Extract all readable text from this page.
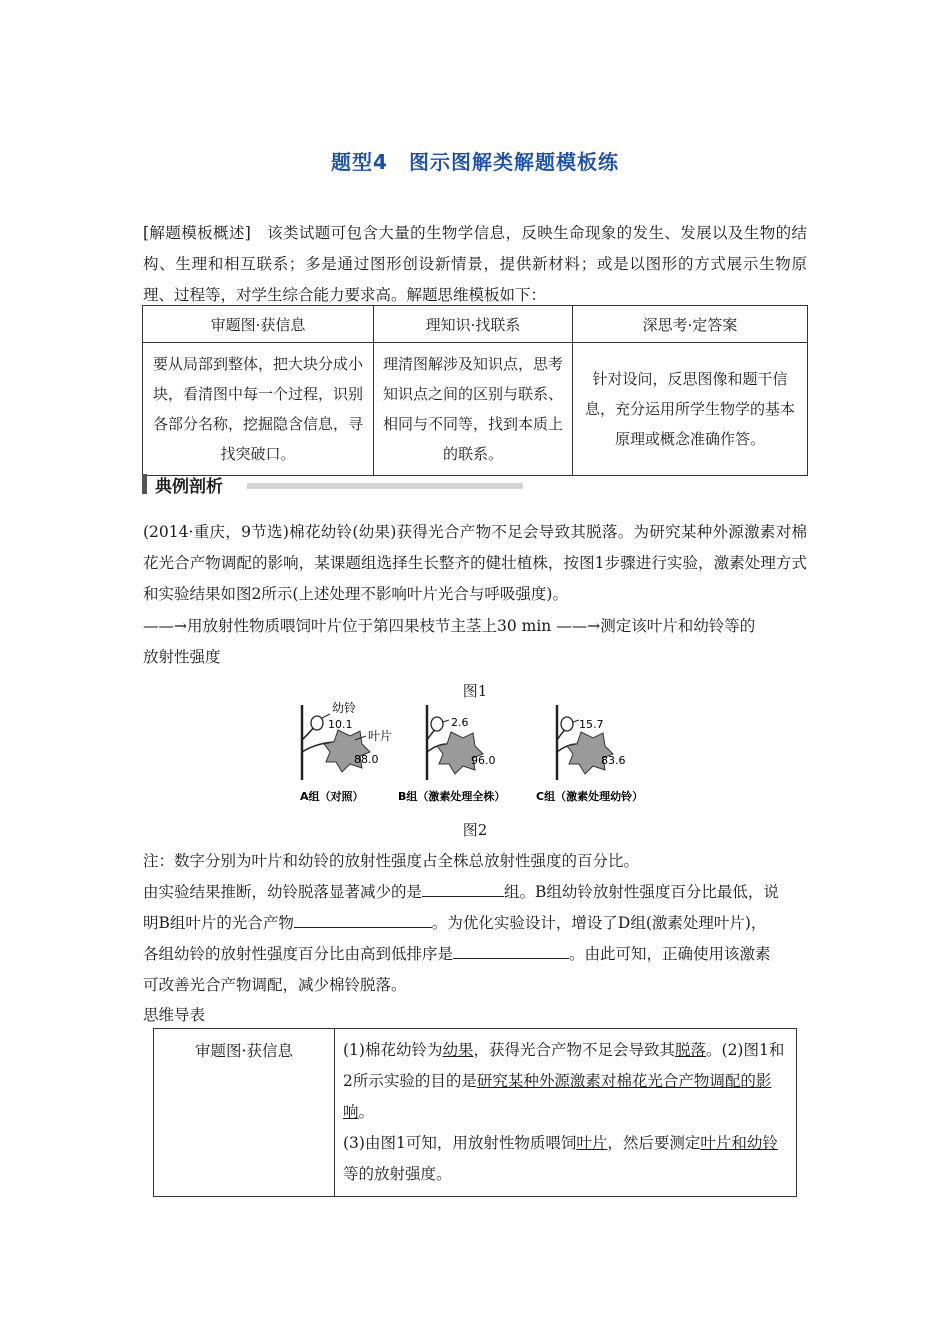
题型4　图示图解类解题模板练
[解题模板概述]　该类试题可包含大量的生物学信息，反映生命现象的发生、发展以及生物的结构、生理和相互联系；多是通过图形创设新情景，提供新材料；或是以图形的方式展示生物原理、过程等，对学生综合能力要求高。解题思维模板如下：
审题图·获信息	理知识·找联系	深思考·定答案
要从局部到整体，把大块分成小块，看清图中每一个过程，识别各部分名称，挖掘隐含信息，寻找突破口。	理清图解涉及知识点，思考知识点之间的区别与联系、相同与不同等，找到本质上的联系。	针对设问，反思图像和题干信息，充分运用所学生物学的基本原理或概念准确作答。
典例剖析
(2014·重庆，9节选)棉花幼铃(幼果)获得光合产物不足会导致其脱落。为研究某种外源激素对棉花光合产物调配的影响，某课题组选择生长整齐的健壮植株，按图1步骤进行实验，激素处理方式和实验结果如图2所示(上述处理不影响叶片光合与呼吸强度)。
——→用放射性物质喂饲叶片位于第四果枝节主茎上30 min ——→测定该叶片和幼铃等的
放射性强度
图1
幼铃
10.1
叶片
88.0
2.6
96.0
15.7
83.6
A组（对照）	B组（激素处理全株）	C组（激素处理幼铃）
图2
注：数字分别为叶片和幼铃的放射性强度占全株总放射性强度的百分比。
由实验结果推断，幼铃脱落显著减少的是	组。B组幼铃放射性强度百分比最低，说
明B组叶片的光合产物	。为优化实验设计，增设了D组(激素处理叶片)，
各组幼铃的放射性强度百分比由高到低排序是	。由此可知，正确使用该激素
可改善光合产物调配，减少棉铃脱落。
思维导表
审题图·获信息	(1)棉花幼铃为幼果，获得光合产物不足会导致其脱落。(2)图1和2所示实验的目的是研究某种外源激素对棉花光合产物调配的影响。
(3)由图1可知，用放射性物质喂饲叶片，然后要测定叶片和幼铃等的放射强度。
